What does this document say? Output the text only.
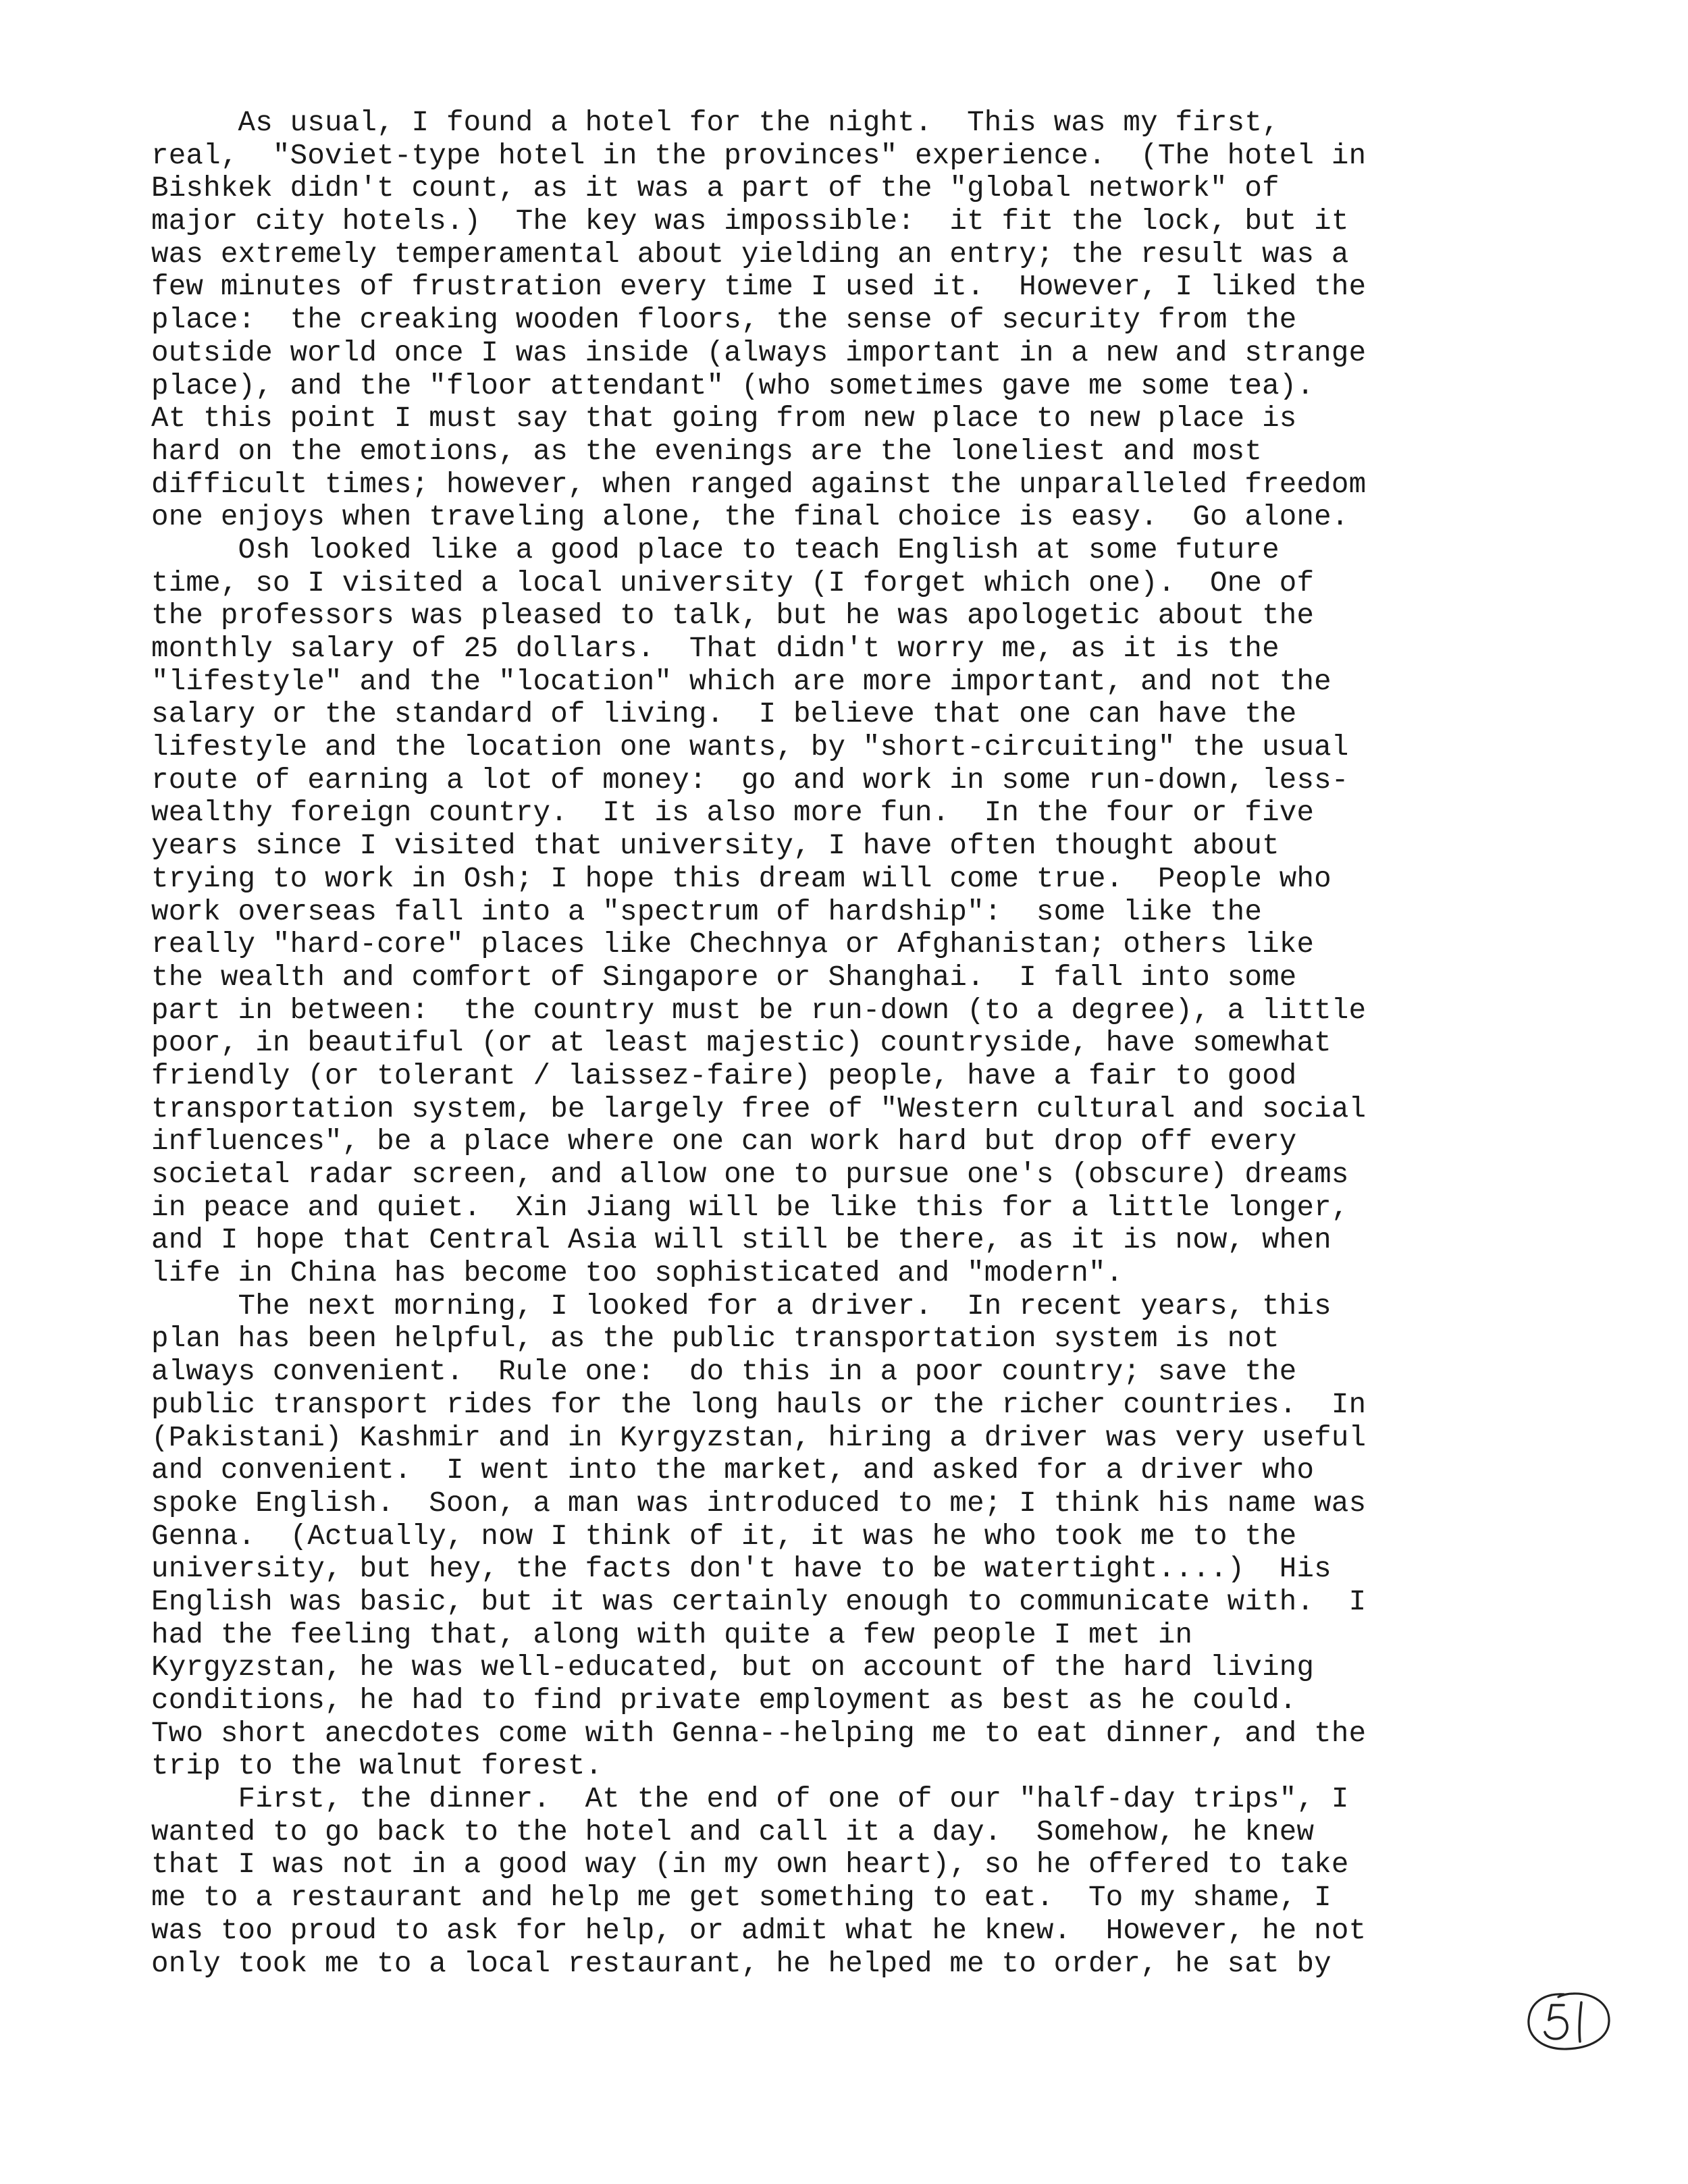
As usual, I found a hotel for the night.  This was my first,
real,  "Soviet-type hotel in the provinces" experience.  (The hotel in
Bishkek didn't count, as it was a part of the "global network" of
major city hotels.)  The key was impossible:  it fit the lock, but it
was extremely temperamental about yielding an entry; the result was a
few minutes of frustration every time I used it.  However, I liked the
place:  the creaking wooden floors, the sense of security from the
outside world once I was inside (always important in a new and strange
place), and the "floor attendant" (who sometimes gave me some tea).
At this point I must say that going from new place to new place is
hard on the emotions, as the evenings are the loneliest and most
difficult times; however, when ranged against the unparalleled freedom
one enjoys when traveling alone, the final choice is easy.  Go alone.
Osh looked like a good place to teach English at some future
time, so I visited a local university (I forget which one).  One of
the professors was pleased to talk, but he was apologetic about the
monthly salary of 25 dollars.  That didn't worry me, as it is the
"lifestyle" and the "location" which are more important, and not the
salary or the standard of living.  I believe that one can have the
lifestyle and the location one wants, by "short-circuiting" the usual
route of earning a lot of money:  go and work in some run-down, less-
wealthy foreign country.  It is also more fun.  In the four or five
years since I visited that university, I have often thought about
trying to work in Osh; I hope this dream will come true.  People who
work overseas fall into a "spectrum of hardship":  some like the
really "hard-core" places like Chechnya or Afghanistan; others like
the wealth and comfort of Singapore or Shanghai.  I fall into some
part in between:  the country must be run-down (to a degree), a little
poor, in beautiful (or at least majestic) countryside, have somewhat
friendly (or tolerant / laissez-faire) people, have a fair to good
transportation system, be largely free of "Western cultural and social
influences", be a place where one can work hard but drop off every
societal radar screen, and allow one to pursue one's (obscure) dreams
in peace and quiet.  Xin Jiang will be like this for a little longer,
and I hope that Central Asia will still be there, as it is now, when
life in China has become too sophisticated and "modern".
The next morning, I looked for a driver.  In recent years, this
plan has been helpful, as the public transportation system is not
always convenient.  Rule one:  do this in a poor country; save the
public transport rides for the long hauls or the richer countries.  In
(Pakistani) Kashmir and in Kyrgyzstan, hiring a driver was very useful
and convenient.  I went into the market, and asked for a driver who
spoke English.  Soon, a man was introduced to me; I think his name was
Genna.  (Actually, now I think of it, it was he who took me to the
university, but hey, the facts don't have to be watertight....)  His
English was basic, but it was certainly enough to communicate with.  I
had the feeling that, along with quite a few people I met in
Kyrgyzstan, he was well-educated, but on account of the hard living
conditions, he had to find private employment as best as he could.
Two short anecdotes come with Genna--helping me to eat dinner, and the
trip to the walnut forest.
First, the dinner.  At the end of one of our "half-day trips", I
wanted to go back to the hotel and call it a day.  Somehow, he knew
that I was not in a good way (in my own heart), so he offered to take
me to a restaurant and help me get something to eat.  To my shame, I
was too proud to ask for help, or admit what he knew.  However, he not
only took me to a local restaurant, he helped me to order, he sat by
